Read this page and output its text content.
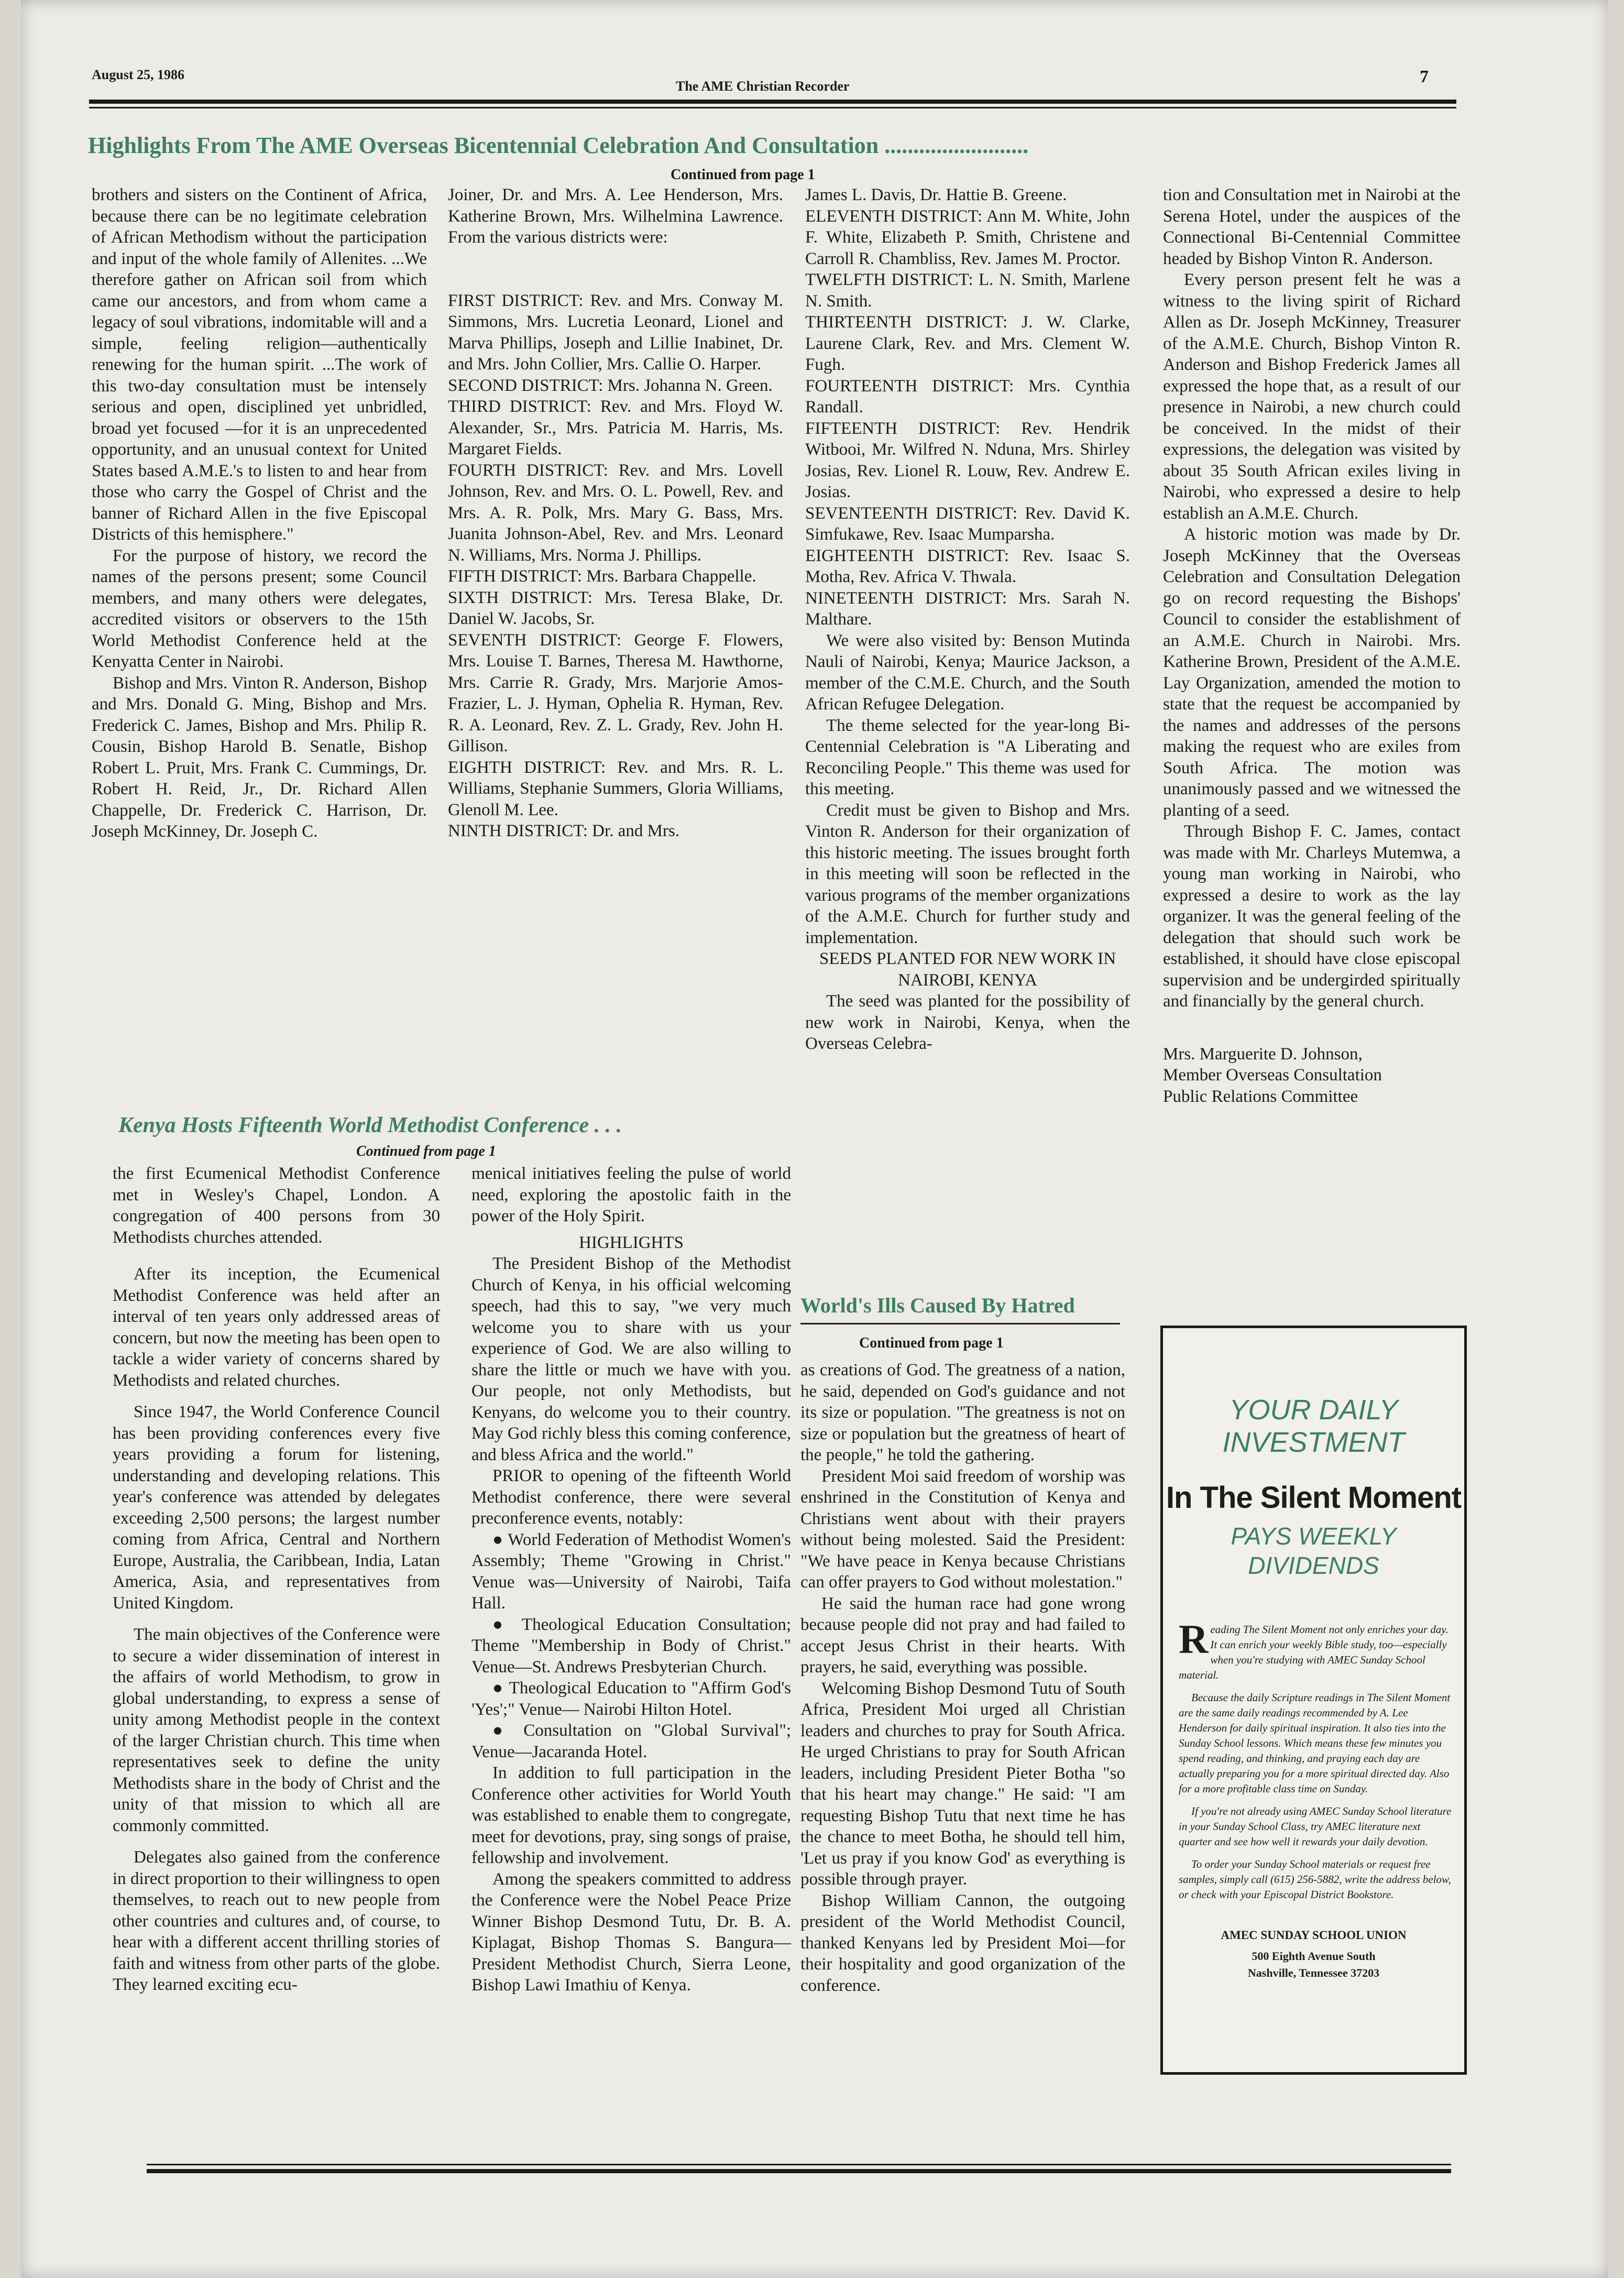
August 25, 1986
The AME Christian Recorder	7
Highlights From The AME Overseas Bicentennial Celebration And Consultation .........................
Continued from page 1

brothers and sisters on the Continent of Africa, because there can be no legitimate celebration of African Methodism without the participation and input of the whole family of Allenites. ...We therefore gather on African soil from which came our ancestors, and from whom came a legacy of soul vibrations, indomitable will and a simple, feeling religion—authentically renewing for the human spirit. ...The work of this two-day consultation must be intensely serious and open, disciplined yet unbridled, broad yet focused —for it is an unprecedented opportunity, and an unusual context for United States based A.M.E.'s to listen to and hear from those who carry the Gospel of Christ and the banner of Richard Allen in the five Episcopal Districts of this hemisphere."

For the purpose of history, we record the names of the persons present; some Council members, and many others were delegates, accredited visitors or observers to the 15th World Methodist Conference held at the Kenyatta Center in Nairobi.

Bishop and Mrs. Vinton R. Anderson, Bishop and Mrs. Donald G. Ming, Bishop and Mrs. Frederick C. James, Bishop and Mrs. Philip R. Cousin, Bishop Harold B. Senatle, Bishop Robert L. Pruit, Mrs. Frank C. Cummings, Dr. Robert H. Reid, Jr., Dr. Richard Allen Chappelle, Dr. Frederick C. Harrison, Dr. Joseph McKinney, Dr. Joseph C.

Joiner, Dr. and Mrs. A. Lee Henderson, Mrs. Katherine Brown, Mrs. Wilhelmina Lawrence. From the various districts were:

FIRST DISTRICT: Rev. and Mrs. Conway M. Simmons, Mrs. Lucretia Leonard, Lionel and Marva Phillips, Joseph and Lillie Inabinet, Dr. and Mrs. John Collier, Mrs. Callie O. Harper.

SECOND DISTRICT: Mrs. Johanna N. Green.

THIRD DISTRICT: Rev. and Mrs. Floyd W. Alexander, Sr., Mrs. Patricia M. Harris, Ms. Margaret Fields.

FOURTH DISTRICT: Rev. and Mrs. Lovell Johnson, Rev. and Mrs. O. L. Powell, Rev. and Mrs. A. R. Polk, Mrs. Mary G. Bass, Mrs. Juanita Johnson-Abel, Rev. and Mrs. Leonard N. Williams, Mrs. Norma J. Phillips.

FIFTH DISTRICT: Mrs. Barbara Chappelle.

SIXTH DISTRICT: Mrs. Teresa Blake, Dr. Daniel W. Jacobs, Sr.

SEVENTH DISTRICT: George F. Flowers, Mrs. Louise T. Barnes, Theresa M. Hawthorne, Mrs. Carrie R. Grady, Mrs. Marjorie Amos-Frazier, L. J. Hyman, Ophelia R. Hyman, Rev. R. A. Leonard, Rev. Z. L. Grady, Rev. John H. Gillison.

EIGHTH DISTRICT: Rev. and Mrs. R. L. Williams, Stephanie Summers, Gloria Williams, Glenoll M. Lee.

NINTH DISTRICT: Dr. and Mrs.

James L. Davis, Dr. Hattie B. Greene.

ELEVENTH DISTRICT: Ann M. White, John F. White, Elizabeth P. Smith, Christene and Carroll R. Chambliss, Rev. James M. Proctor.

TWELFTH DISTRICT: L. N. Smith, Marlene N. Smith.

THIRTEENTH DISTRICT: J. W. Clarke, Laurene Clark, Rev. and Mrs. Clement W. Fugh.

FOURTEENTH DISTRICT: Mrs. Cynthia Randall.

FIFTEENTH DISTRICT: Rev. Hendrik Witbooi, Mr. Wilfred N. Nduna, Mrs. Shirley Josias, Rev. Lionel R. Louw, Rev. Andrew E. Josias.

SEVENTEENTH DISTRICT: Rev. David K. Simfukawe, Rev. Isaac Mumparsha.

EIGHTEENTH DISTRICT: Rev. Isaac S. Motha, Rev. Africa V. Thwala.

NINETEENTH DISTRICT: Mrs. Sarah N. Malthare.

We were also visited by: Benson Mutinda Nauli of Nairobi, Kenya; Maurice Jackson, a member of the C.M.E. Church, and the South African Refugee Delegation.

The theme selected for the year-long Bi-Centennial Celebration is "A Liberating and Reconciling People." This theme was used for this meeting.

Credit must be given to Bishop and Mrs. Vinton R. Anderson for their organization of this historic meeting. The issues brought forth in this meeting will soon be reflected in the various programs of the member organizations of the A.M.E. Church for further study and implementation.

SEEDS PLANTED FOR NEW WORK IN NAIROBI, KENYA

The seed was planted for the possibility of new work in Nairobi, Kenya, when the Overseas Celebra-

tion and Consultation met in Nairobi at the Serena Hotel, under the auspices of the Connectional Bi-Centennial Committee headed by Bishop Vinton R. Anderson.

Every person present felt he was a witness to the living spirit of Richard Allen as Dr. Joseph McKinney, Treasurer of the A.M.E. Church, Bishop Vinton R. Anderson and Bishop Frederick James all expressed the hope that, as a result of our presence in Nairobi, a new church could be conceived. In the midst of their expressions, the delegation was visited by about 35 South African exiles living in Nairobi, who expressed a desire to help establish an A.M.E. Church.

A historic motion was made by Dr. Joseph McKinney that the Overseas Celebration and Consultation Delegation go on record requesting the Bishops' Council to consider the establishment of an A.M.E. Church in Nairobi. Mrs. Katherine Brown, President of the A.M.E. Lay Organization, amended the motion to state that the request be accompanied by the names and addresses of the persons making the request who are exiles from South Africa. The motion was unanimously passed and we witnessed the planting of a seed.

Through Bishop F. C. James, contact was made with Mr. Charleys Mutemwa, a young man working in Nairobi, who expressed a desire to work as the lay organizer. It was the general feeling of the delegation that should such work be established, it should have close episcopal supervision and be undergirded spiritually and financially by the general church.

Mrs. Marguerite D. Johnson,

Member Overseas Consultation

Public Relations Committee

Kenya Hosts Fifteenth World Methodist Conference . . .
Continued from page 1

the first Ecumenical Methodist Conference met in Wesley's Chapel, London. A congregation of 400 persons from 30 Methodists churches attended.

After its inception, the Ecumenical Methodist Conference was held after an interval of ten years only addressed areas of concern, but now the meeting has been open to tackle a wider variety of concerns shared by Methodists and related churches.

Since 1947, the World Conference Council has been providing conferences every five years providing a forum for listening, understanding and developing relations. This year's conference was attended by delegates exceeding 2,500 persons; the largest number coming from Africa, Central and Northern Europe, Australia, the Caribbean, India, Latan America, Asia, and representatives from United Kingdom.

The main objectives of the Conference were to secure a wider dissemination of interest in the affairs of world Methodism, to grow in global understanding, to express a sense of unity among Methodist people in the context of the larger Christian church. This time when representatives seek to define the unity Methodists share in the body of Christ and the unity of that mission to which all are commonly committed.

Delegates also gained from the conference in direct proportion to their willingness to open themselves, to reach out to new people from other countries and cultures and, of course, to hear with a different accent thrilling stories of faith and witness from other parts of the globe. They learned exciting ecu-

menical initiatives feeling the pulse of world need, exploring the apostolic faith in the power of the Holy Spirit.

HIGHLIGHTS

The President Bishop of the Methodist Church of Kenya, in his official welcoming speech, had this to say, "we very much welcome you to share with us your experience of God. We are also willing to share the little or much we have with you. Our people, not only Methodists, but Kenyans, do welcome you to their country. May God richly bless this coming conference, and bless Africa and the world."

PRIOR to opening of the fifteenth World Methodist conference, there were several preconference events, notably:

● World Federation of Methodist Women's Assembly; Theme "Growing in Christ." Venue was—University of Nairobi, Taifa Hall.

● Theological Education Consultation; Theme "Membership in Body of Christ." Venue—St. Andrews Presbyterian Church.

● Theological Education to "Affirm God's 'Yes';" Venue— Nairobi Hilton Hotel.

● Consultation on "Global Survival"; Venue—Jacaranda Hotel.

In addition to full participation in the Conference other activities for World Youth was established to enable them to congregate, meet for devotions, pray, sing songs of praise, fellowship and involvement.

Among the speakers committed to address the Conference were the Nobel Peace Prize Winner Bishop Desmond Tutu, Dr. B. A. Kiplagat, Bishop Thomas S. Bangura—President Methodist Church, Sierra Leone, Bishop Lawi Imathiu of Kenya.

World's Ills Caused By Hatred
Continued from page 1

as creations of God. The greatness of a nation, he said, depended on God's guidance and not its size or population. "The greatness is not on size or population but the greatness of heart of the people," he told the gathering.

President Moi said freedom of worship was enshrined in the Constitution of Kenya and Christians went about with their prayers without being molested. Said the President: "We have peace in Kenya because Christians can offer prayers to God without molestation."

He said the human race had gone wrong because people did not pray and had failed to accept Jesus Christ in their hearts. With prayers, he said, everything was possible.

Welcoming Bishop Desmond Tutu of South Africa, President Moi urged all Christian leaders and churches to pray for South Africa. He urged Christians to pray for South African leaders, including President Pieter Botha "so that his heart may change." He said: "I am requesting Bishop Tutu that next time he has the chance to meet Botha, he should tell him, 'Let us pray if you know God' as everything is possible through prayer.

Bishop William Cannon, the outgoing president of the World Methodist Council, thanked Kenyans led by President Moi—for their hospitality and good organization of the conference.

YOUR DAILY
INVESTMENT
In The Silent Moment
PAYS WEEKLY
DIVIDENDS

Reading The Silent Moment not only enriches your day. It can enrich your weekly Bible study, too—especially when you're studying with AMEC Sunday School material.

Because the daily Scripture readings in The Silent Moment are the same daily readings recommended by A. Lee Henderson for daily spiritual inspiration. It also ties into the Sunday School lessons. Which means these few minutes you spend reading, and thinking, and praying each day are actually preparing you for a more spiritual directed day. Also for a more profitable class time on Sunday.

If you're not already using AMEC Sunday School literature in your Sunday School Class, try AMEC literature next quarter and see how well it rewards your daily devotion.

To order your Sunday School materials or request free samples, simply call (615) 256-5882, write the address below, or check with your Episcopal District Bookstore.

AMEC SUNDAY SCHOOL UNION
500 Eighth Avenue South
Nashville, Tennessee 37203
